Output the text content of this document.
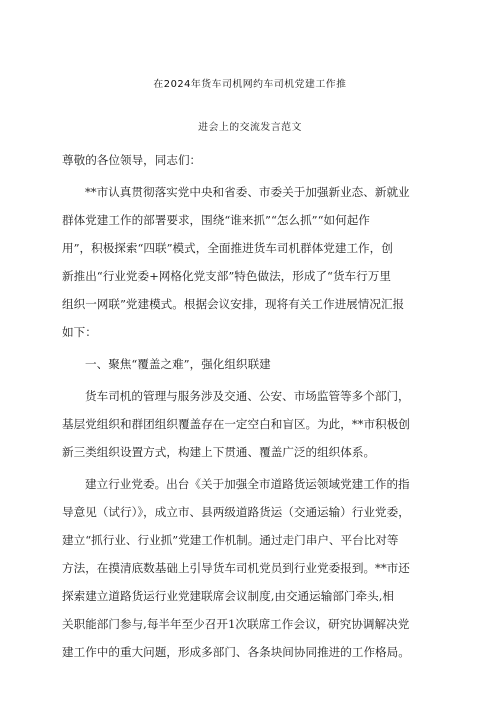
在2024年货车司机网约车司机党建工作推
进会上的交流发言范文
尊敬的各位领导，同志们：
**市认真贯彻落实党中央和省委、市委关于加强新业态、新就业
群体党建工作的部署要求，围绕“谁来抓”“怎么抓”“如何起作
用”，积极探索“四联”模式，全面推进货车司机群体党建工作，创
新推出“行业党委+网格化党支部”特色做法，形成了“货车行万里
组织一网联”党建模式。根据会议安排，现将有关工作进展情况汇报
如下：
一、聚焦“覆盖之难”，强化组织联建
货车司机的管理与服务涉及交通、公安、市场监管等多个部门，
基层党组织和群团组织覆盖存在一定空白和盲区。为此，**市积极创
新三类组织设置方式，构建上下贯通、覆盖广泛的组织体系。
建立行业党委。出台《关于加强全市道路货运领域党建工作的指
导意见（试行）》，成立市、县两级道路货运（交通运输）行业党委，
建立“抓行业、行业抓”党建工作机制。通过走门串户、平台比对等
方法，在摸清底数基础上引导货车司机党员到行业党委报到。**市还
探索建立道路货运行业党建联席会议制度,由交通运输部门牵头,相
关职能部门参与,每半年至少召开1次联席工作会议，研究协调解决党
建工作中的重大问题，形成多部门、各条块间协同推进的工作格局。
